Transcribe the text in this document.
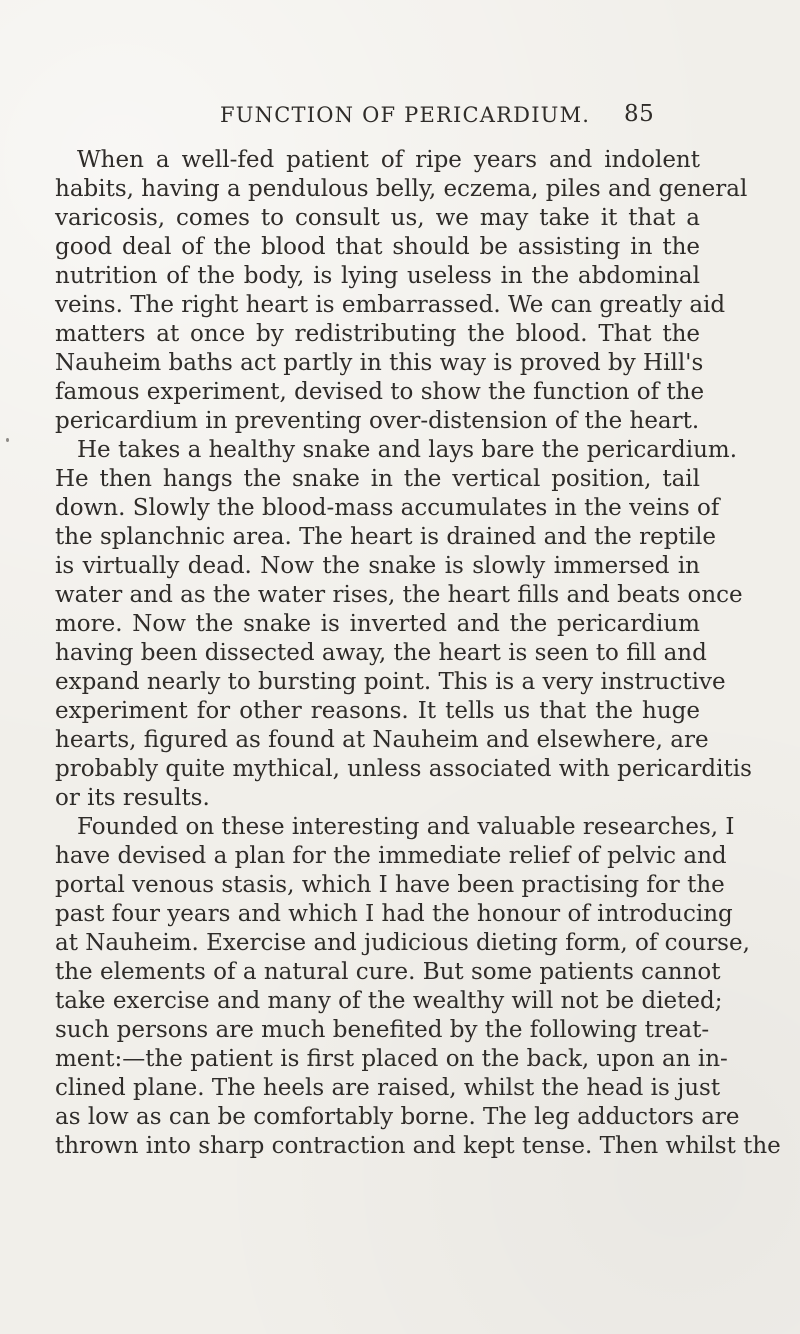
FUNCTION OF PERICARDIUM. 85
When a well-fed patient of ripe years and indolent
habits, having a pendulous belly, eczema, piles and general
varicosis, comes to consult us, we may take it that a
good deal of the blood that should be assisting in the
nutrition of the body, is lying useless in the abdominal
veins. The right heart is embarrassed. We can greatly aid
matters at once by redistributing the blood. That the
Nauheim baths act partly in this way is proved by Hill's
famous experiment, devised to show the function of the
pericardium in preventing over-distension of the heart.
He takes a healthy snake and lays bare the pericardium.
He then hangs the snake in the vertical position, tail
down. Slowly the blood-mass accumulates in the veins of
the splanchnic area. The heart is drained and the reptile
is virtually dead. Now the snake is slowly immersed in
water and as the water rises, the heart fills and beats once
more. Now the snake is inverted and the pericardium
having been dissected away, the heart is seen to fill and
expand nearly to bursting point. This is a very instructive
experiment for other reasons. It tells us that the huge
hearts, figured as found at Nauheim and elsewhere, are
probably quite mythical, unless associated with pericarditis
or its results.
Founded on these interesting and valuable researches, I
have devised a plan for the immediate relief of pelvic and
portal venous stasis, which I have been practising for the
past four years and which I had the honour of introducing
at Nauheim. Exercise and judicious dieting form, of course,
the elements of a natural cure. But some patients cannot
take exercise and many of the wealthy will not be dieted;
such persons are much benefited by the following treat-
ment:—the patient is first placed on the back, upon an in-
clined plane. The heels are raised, whilst the head is just
as low as can be comfortably borne. The leg adductors are
thrown into sharp contraction and kept tense. Then whilst the
